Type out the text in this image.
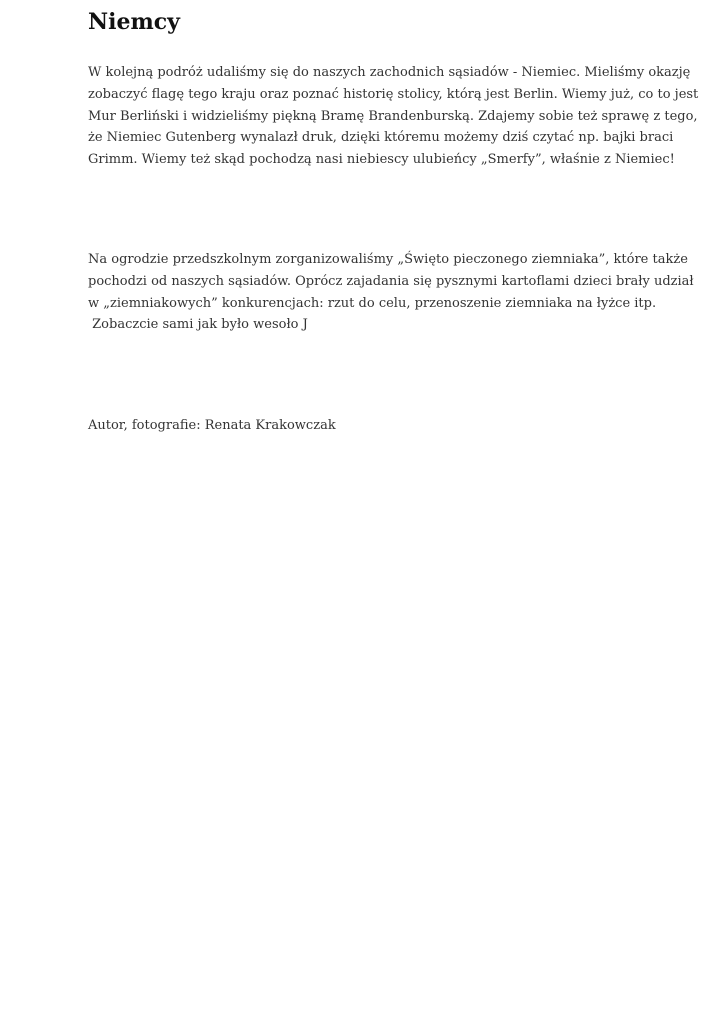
Niemcy

W kolejną podróż udaliśmy się do naszych zachodnich sąsiadów - Niemiec. Mieliśmy okazję
zobaczyć flagę tego kraju oraz poznać historię stolicy, którą jest Berlin. Wiemy już, co to jest
Mur Berliński i widzieliśmy piękną Bramę Brandenburską. Zdajemy sobie też sprawę z tego,
że Niemiec Gutenberg wynalazł druk, dzięki któremu możemy dziś czytać np. bajki braci
Grimm. Wiemy też skąd pochodzą nasi niebiescy ulubieńcy „Smerfy”, właśnie z Niemiec!

Na ogrodzie przedszkolnym zorganizowaliśmy „Święto pieczonego ziemniaka”, które także
pochodzi od naszych sąsiadów. Oprócz zajadania się pysznymi kartoflami dzieci brały udział
w „ziemniakowych” konkurencjach: rzut do celu, przenoszenie ziemniaka na łyżce itp.
Zobaczcie sami jak było wesoło J

Autor, fotografie: Renata Krakowczak
